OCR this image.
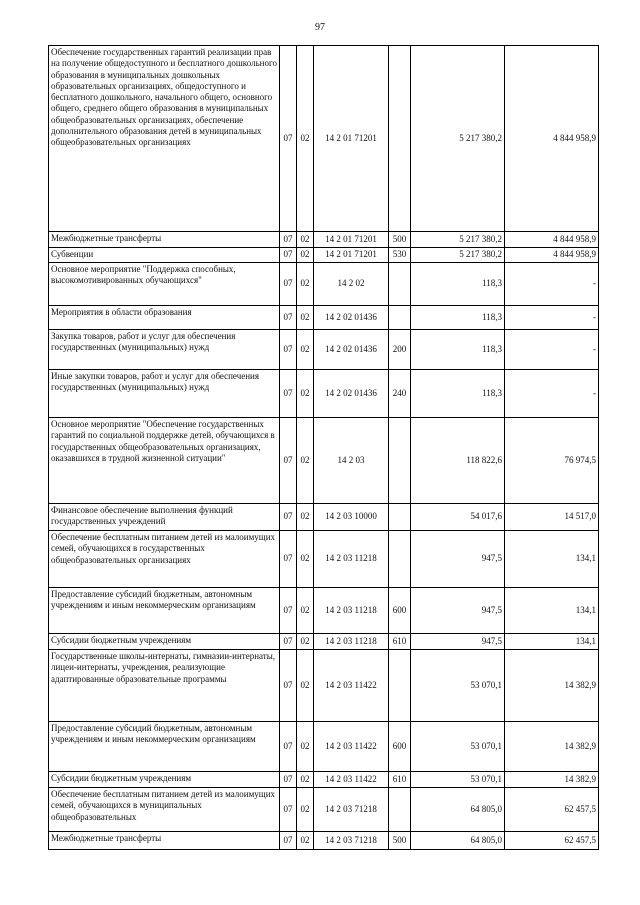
97
Обеспечение государственных гарантий реализации прав на получение общедоступного и бесплатного дошкольного образования в муниципальных дошкольных образовательных организациях, общедоступного и бесплатного дошкольного, начального общего, основного общего, среднего общего образования в муниципальных общеобразовательных организациях, обеспечение дополнительного образования детей в муниципальных общеобразовательных организациях	07	02	14 2 01 71201		5 217 380,2	4 844 958,9
Межбюджетные трансферты	07	02	14 2 01 71201	500	5 217 380,2	4 844 958,9
Субвенции	07	02	14 2 01 71201	530	5 217 380,2	4 844 958,9
Основное мероприятие "Поддержка способных, высокомотивированных обучающихся"	07	02	14 2 02		118,3	-
Мероприятия в области образования	07	02	14 2 02 01436		118,3	-
Закупка товаров, работ и услуг для обеспечения государственных (муниципальных) нужд	07	02	14 2 02 01436	200	118,3	-
Иные закупки товаров, работ и услуг для обеспечения государственных (муниципальных) нужд	07	02	14 2 02 01436	240	118,3	-
Основное мероприятие "Обеспечение государственных гарантий по социальной поддержке детей, обучающихся в государственных общеобразовательных организациях, оказавшихся в трудной жизненной ситуации"	07	02	14 2 03		118 822,6	76 974,5
Финансовое обеспечение выполнения функций государственных учреждений	07	02	14 2 03 10000		54 017,6	14 517,0
Обеспечение бесплатным питанием детей из малоимущих семей, обучающихся в государственных общеобразовательных организациях	07	02	14 2 03 11218		947,5	134,1
Предоставление субсидий бюджетным, автономным учреждениям и иным некоммерческим организациям	07	02	14 2 03 11218	600	947,5	134,1
Субсидии бюджетным учреждениям	07	02	14 2 03 11218	610	947,5	134,1
Государственные школы-интернаты, гимназии-интернаты, лицеи-интернаты, учреждения, реализующие адаптированные образовательные программы	07	02	14 2 03 11422		53 070,1	14 382,9
Предоставление субсидий бюджетным, автономным учреждениям и иным некоммерческим организациям	07	02	14 2 03 11422	600	53 070,1	14 382,9
Субсидии бюджетным учреждениям	07	02	14 2 03 11422	610	53 070,1	14 382,9
Обеспечение бесплатным питанием детей из малоимущих семей, обучающихся в муниципальных общеобразовательных	07	02	14 2 03 71218		64 805,0	62 457,5
Межбюджетные трансферты	07	02	14 2 03 71218	500	64 805,0	62 457,5
